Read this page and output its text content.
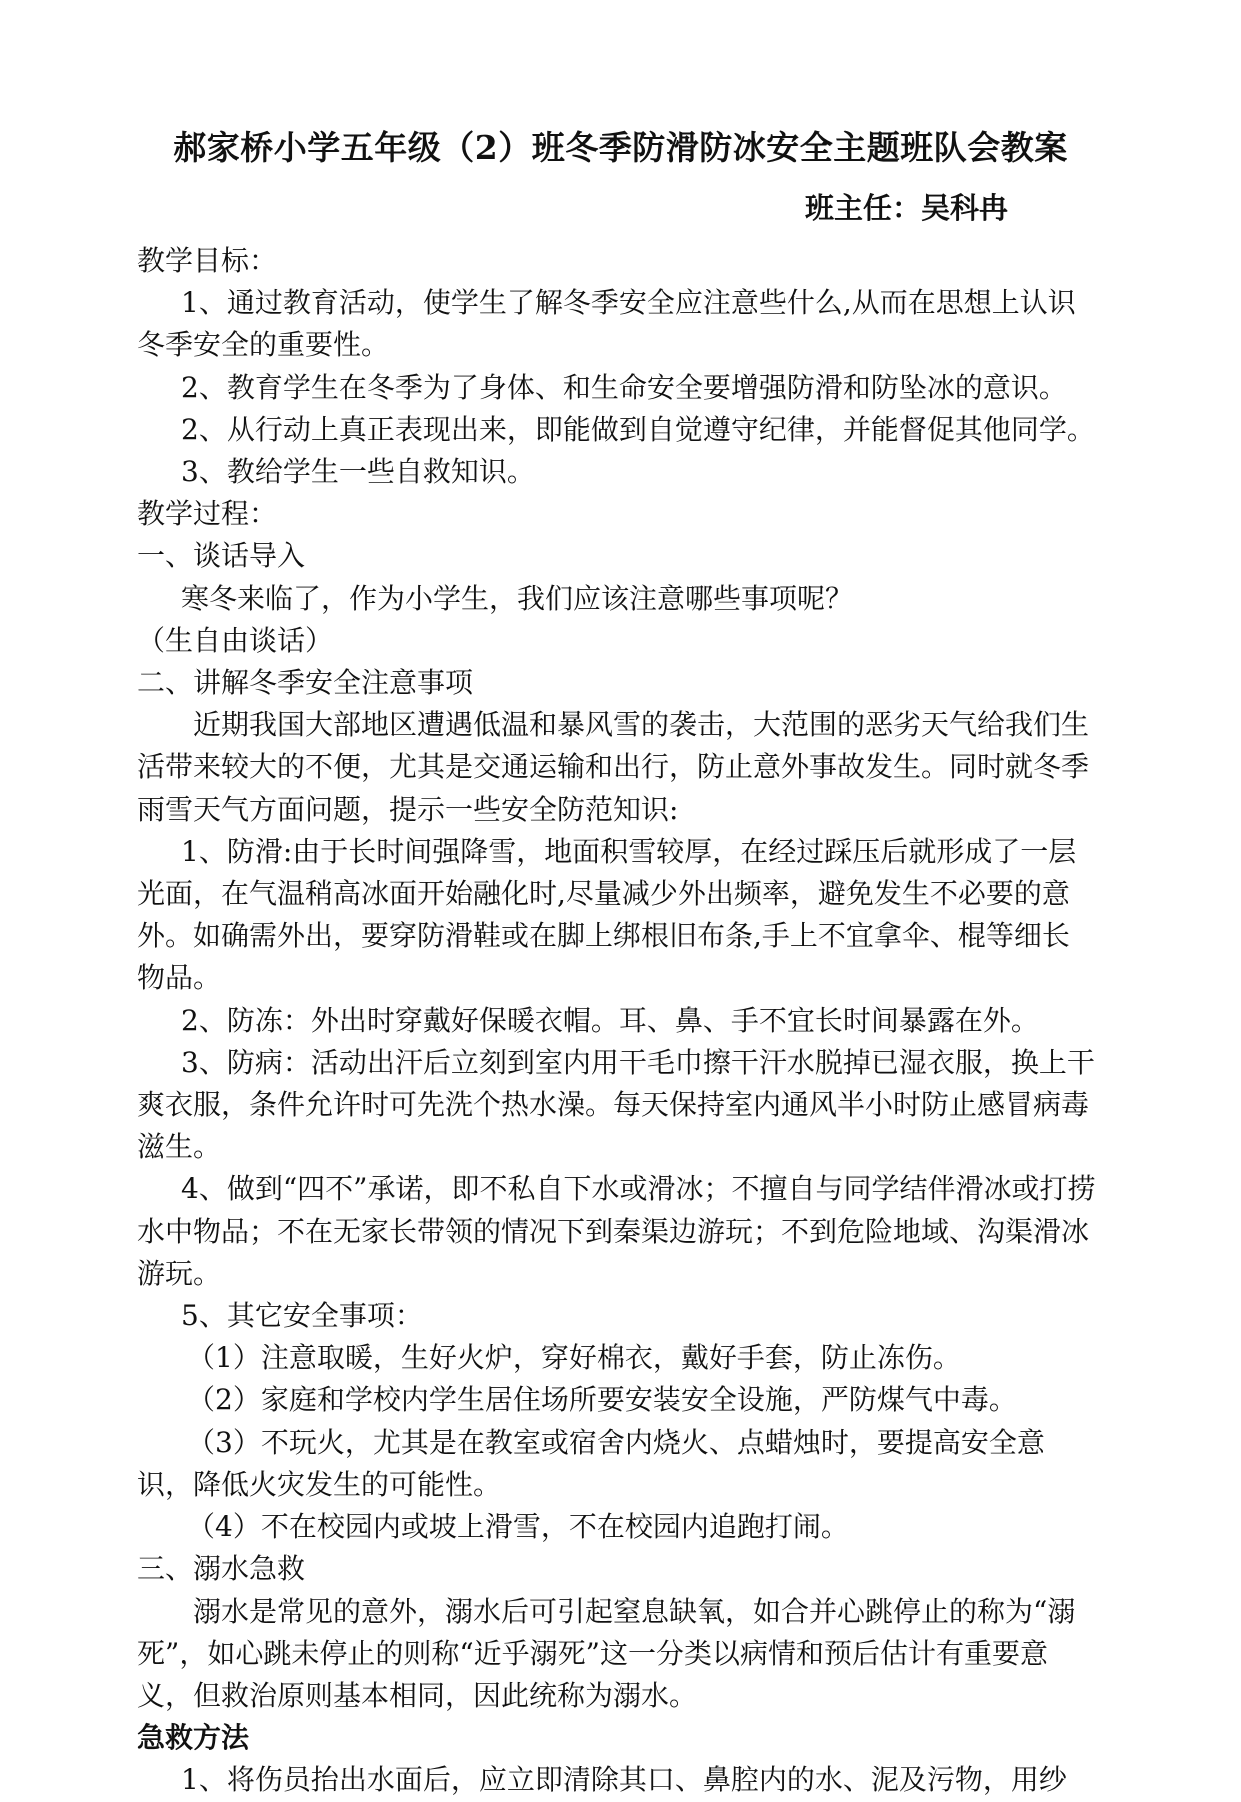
郝家桥小学五年级（2）班冬季防滑防冰安全主题班队会教案
班主任：吴科冉

教学目标：

1、通过教育活动，使学生了解冬季安全应注意些什么,从而在思想上认识冬季安全的重要性。

2、教育学生在冬季为了身体、和生命安全要增强防滑和防坠冰的意识。

2、从行动上真正表现出来，即能做到自觉遵守纪律，并能督促其他同学。

3、教给学生一些自救知识。

教学过程：

一、谈话导入

寒冬来临了，作为小学生，我们应该注意哪些事项呢？

（生自由谈话）

二、讲解冬季安全注意事项

近期我国大部地区遭遇低温和暴风雪的袭击，大范围的恶劣天气给我们生活带来较大的不便，尤其是交通运输和出行，防止意外事故发生。同时就冬季雨雪天气方面问题，提示一些安全防范知识:

1、防滑:由于长时间强降雪，地面积雪较厚，在经过踩压后就形成了一层光面，在气温稍高冰面开始融化时,尽量减少外出频率，避免发生不必要的意外。如确需外出，要穿防滑鞋或在脚上绑根旧布条,手上不宜拿伞、棍等细长物品。

2、防冻：外出时穿戴好保暖衣帽。耳、鼻、手不宜长时间暴露在外。

3、防病：活动出汗后立刻到室内用干毛巾擦干汗水脱掉已湿衣服，换上干爽衣服，条件允许时可先洗个热水澡。每天保持室内通风半小时防止感冒病毒滋生。

4、做到“四不”承诺，即不私自下水或滑冰；不擅自与同学结伴滑冰或打捞水中物品；不在无家长带领的情况下到秦渠边游玩；不到危险地域、沟渠滑冰游玩。

5、其它安全事项：

（1）注意取暖，生好火炉，穿好棉衣，戴好手套，防止冻伤。

（2）家庭和学校内学生居住场所要安装安全设施，严防煤气中毒。

（3）不玩火，尤其是在教室或宿舍内烧火、点蜡烛时，要提高安全意识，降低火灾发生的可能性。

（4）不在校园内或坡上滑雪，不在校园内追跑打闹。

三、溺水急救

溺水是常见的意外，溺水后可引起窒息缺氧，如合并心跳停止的称为“溺死”，如心跳未停止的则称“近乎溺死”这一分类以病情和预后估计有重要意义，但救治原则基本相同，因此统称为溺水。

急救方法

1、将伤员抬出水面后，应立即清除其口、鼻腔内的水、泥及污物，用纱
